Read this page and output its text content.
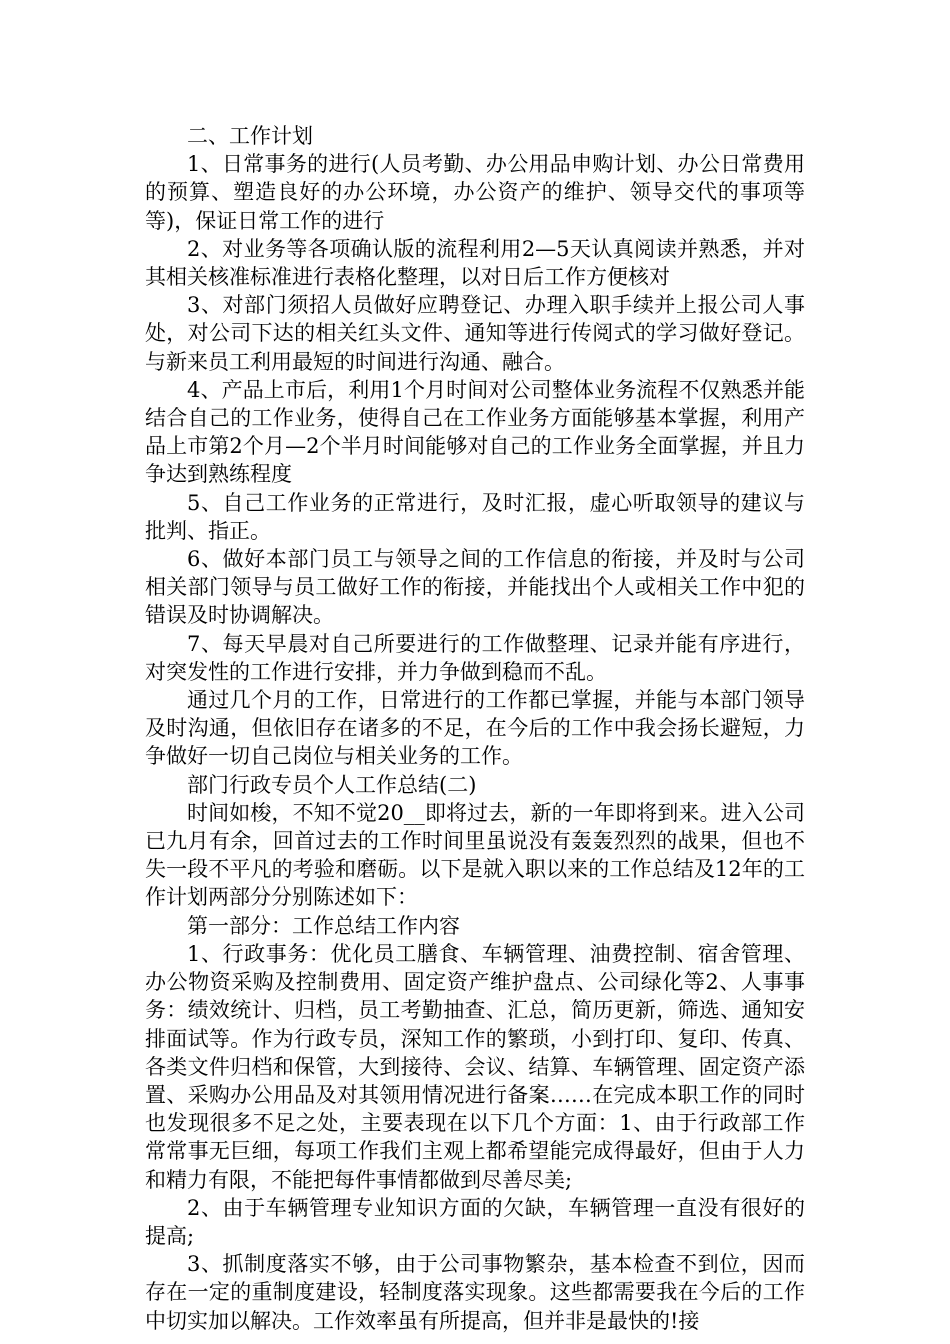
二、工作计划

1、日常事务的进行(人员考勤、办公用品申购计划、办公日常费用的预算、塑造良好的办公环境，办公资产的维护、领导交代的事项等等)，保证日常工作的进行

2、对业务等各项确认版的流程利用2—5天认真阅读并熟悉，并对其相关核准标准进行表格化整理，以对日后工作方便核对

3、对部门须招人员做好应聘登记、办理入职手续并上报公司人事处，对公司下达的相关红头文件、通知等进行传阅式的学习做好登记。与新来员工利用最短的时间进行沟通、融合。

4、产品上市后，利用1个月时间对公司整体业务流程不仅熟悉并能结合自己的工作业务，使得自己在工作业务方面能够基本掌握，利用产品上市第2个月—2个半月时间能够对自己的工作业务全面掌握，并且力争达到熟练程度

5、自己工作业务的正常进行，及时汇报，虚心听取领导的建议与批判、指正。

6、做好本部门员工与领导之间的工作信息的衔接，并及时与公司相关部门领导与员工做好工作的衔接，并能找出个人或相关工作中犯的错误及时协调解决。

7、每天早晨对自己所要进行的工作做整理、记录并能有序进行，对突发性的工作进行安排，并力争做到稳而不乱。

通过几个月的工作，日常进行的工作都已掌握，并能与本部门领导及时沟通，但依旧存在诸多的不足，在今后的工作中我会扬长避短，力争做好一切自己岗位与相关业务的工作。

部门行政专员个人工作总结(二)

时间如梭，不知不觉20__即将过去，新的一年即将到来。进入公司已九月有余，回首过去的工作时间里虽说没有轰轰烈烈的战果，但也不失一段不平凡的考验和磨砺。以下是就入职以来的工作总结及12年的工作计划两部分分别陈述如下：

第一部分：工作总结工作内容

1、行政事务：优化员工膳食、车辆管理、油费控制、宿舍管理、办公物资采购及控制费用、固定资产维护盘点、公司绿化等2、人事事务：绩效统计、归档，员工考勤抽查、汇总，简历更新，筛选、通知安排面试等。作为行政专员，深知工作的繁琐，小到打印、复印、传真、各类文件归档和保管，大到接待、会议、结算、车辆管理、固定资产添置、采购办公用品及对其领用情况进行备案……在完成本职工作的同时也发现很多不足之处，主要表现在以下几个方面：1、由于行政部工作常常事无巨细，每项工作我们主观上都希望能完成得最好，但由于人力和精力有限，不能把每件事情都做到尽善尽美;

2、由于车辆管理专业知识方面的欠缺，车辆管理一直没有很好的提高;

3、抓制度落实不够，由于公司事物繁杂，基本检查不到位，因而存在一定的重制度建设，轻制度落实现象。这些都需要我在今后的工作中切实加以解决。工作效率虽有所提高，但并非是最快的!接
